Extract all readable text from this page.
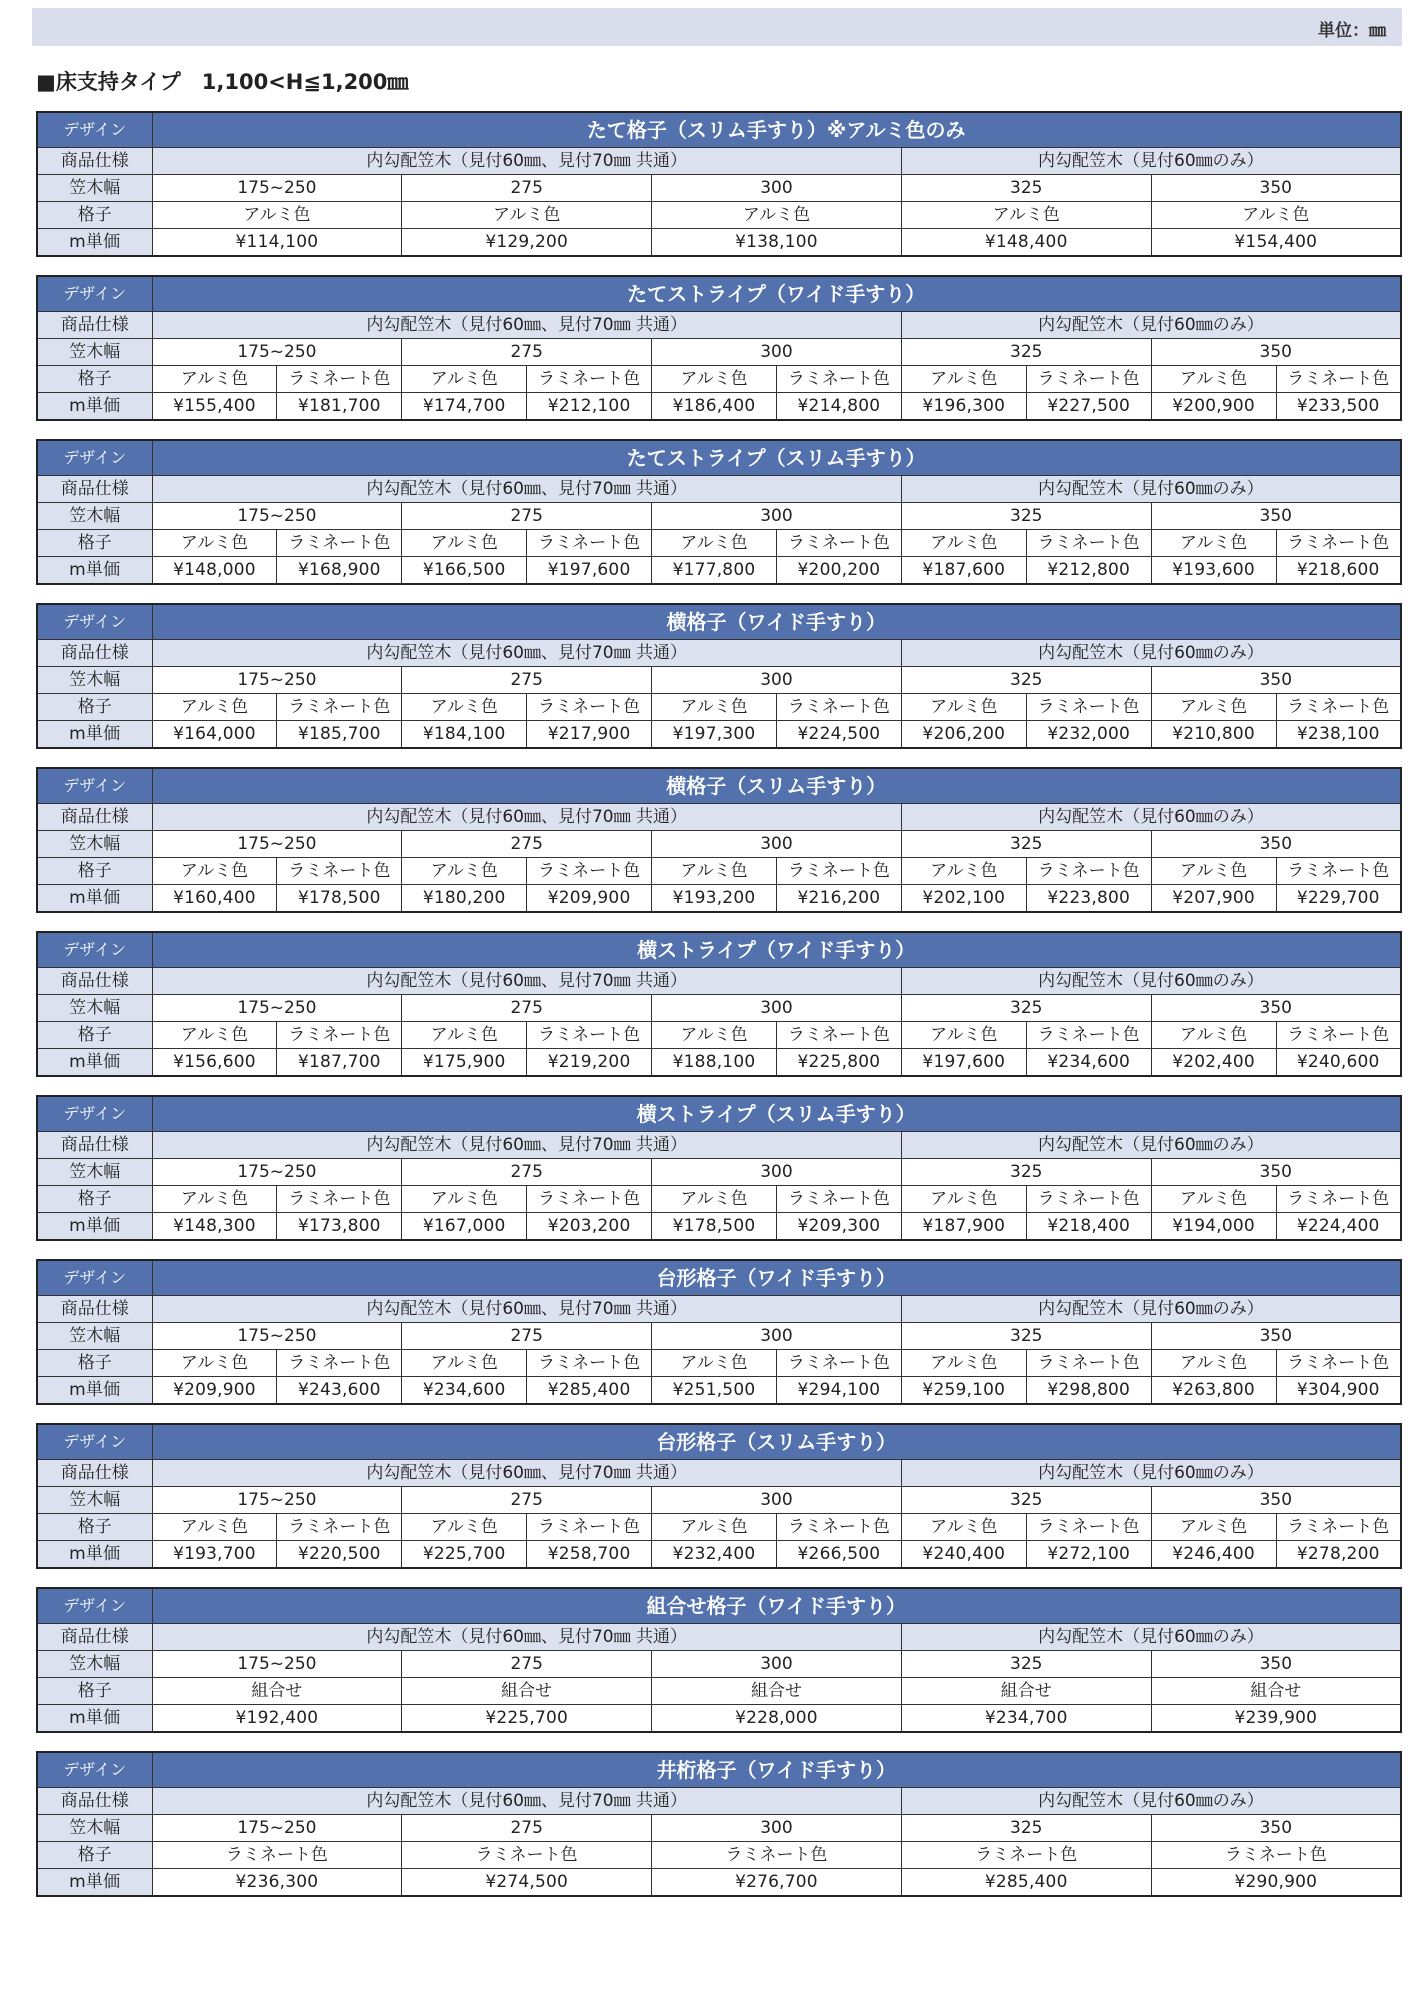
単位：㎜
■床支持タイプ　1,100<H≦1,200㎜
デザイン	たて格子（スリム手すり）※アルミ色のみ				
商品仕様	内勾配笠木（見付60㎜、見付70㎜ 共通）			内勾配笠木（見付60㎜のみ）	
笠木幅	175~250	275	300	325	350
格子	アルミ色	アルミ色	アルミ色	アルミ色	アルミ色
m単価	¥114,100	¥129,200	¥138,100	¥148,400	¥154,400
デザイン	たてストライプ（ワイド手すり）									
商品仕様	内勾配笠木（見付60㎜、見付70㎜ 共通）						内勾配笠木（見付60㎜のみ）			
笠木幅	175~250		275		300		325		350	
格子	アルミ色	ラミネート色	アルミ色	ラミネート色	アルミ色	ラミネート色	アルミ色	ラミネート色	アルミ色	ラミネート色
m単価	¥155,400	¥181,700	¥174,700	¥212,100	¥186,400	¥214,800	¥196,300	¥227,500	¥200,900	¥233,500
デザイン	たてストライプ（スリム手すり）									
商品仕様	内勾配笠木（見付60㎜、見付70㎜ 共通）						内勾配笠木（見付60㎜のみ）			
笠木幅	175~250		275		300		325		350	
格子	アルミ色	ラミネート色	アルミ色	ラミネート色	アルミ色	ラミネート色	アルミ色	ラミネート色	アルミ色	ラミネート色
m単価	¥148,000	¥168,900	¥166,500	¥197,600	¥177,800	¥200,200	¥187,600	¥212,800	¥193,600	¥218,600
デザイン	横格子（ワイド手すり）									
商品仕様	内勾配笠木（見付60㎜、見付70㎜ 共通）						内勾配笠木（見付60㎜のみ）			
笠木幅	175~250		275		300		325		350	
格子	アルミ色	ラミネート色	アルミ色	ラミネート色	アルミ色	ラミネート色	アルミ色	ラミネート色	アルミ色	ラミネート色
m単価	¥164,000	¥185,700	¥184,100	¥217,900	¥197,300	¥224,500	¥206,200	¥232,000	¥210,800	¥238,100
デザイン	横格子（スリム手すり）									
商品仕様	内勾配笠木（見付60㎜、見付70㎜ 共通）						内勾配笠木（見付60㎜のみ）			
笠木幅	175~250		275		300		325		350	
格子	アルミ色	ラミネート色	アルミ色	ラミネート色	アルミ色	ラミネート色	アルミ色	ラミネート色	アルミ色	ラミネート色
m単価	¥160,400	¥178,500	¥180,200	¥209,900	¥193,200	¥216,200	¥202,100	¥223,800	¥207,900	¥229,700
デザイン	横ストライプ（ワイド手すり）									
商品仕様	内勾配笠木（見付60㎜、見付70㎜ 共通）						内勾配笠木（見付60㎜のみ）			
笠木幅	175~250		275		300		325		350	
格子	アルミ色	ラミネート色	アルミ色	ラミネート色	アルミ色	ラミネート色	アルミ色	ラミネート色	アルミ色	ラミネート色
m単価	¥156,600	¥187,700	¥175,900	¥219,200	¥188,100	¥225,800	¥197,600	¥234,600	¥202,400	¥240,600
デザイン	横ストライプ（スリム手すり）									
商品仕様	内勾配笠木（見付60㎜、見付70㎜ 共通）						内勾配笠木（見付60㎜のみ）			
笠木幅	175~250		275		300		325		350	
格子	アルミ色	ラミネート色	アルミ色	ラミネート色	アルミ色	ラミネート色	アルミ色	ラミネート色	アルミ色	ラミネート色
m単価	¥148,300	¥173,800	¥167,000	¥203,200	¥178,500	¥209,300	¥187,900	¥218,400	¥194,000	¥224,400
デザイン	台形格子（ワイド手すり）									
商品仕様	内勾配笠木（見付60㎜、見付70㎜ 共通）						内勾配笠木（見付60㎜のみ）			
笠木幅	175~250		275		300		325		350	
格子	アルミ色	ラミネート色	アルミ色	ラミネート色	アルミ色	ラミネート色	アルミ色	ラミネート色	アルミ色	ラミネート色
m単価	¥209,900	¥243,600	¥234,600	¥285,400	¥251,500	¥294,100	¥259,100	¥298,800	¥263,800	¥304,900
デザイン	台形格子（スリム手すり）									
商品仕様	内勾配笠木（見付60㎜、見付70㎜ 共通）						内勾配笠木（見付60㎜のみ）			
笠木幅	175~250		275		300		325		350	
格子	アルミ色	ラミネート色	アルミ色	ラミネート色	アルミ色	ラミネート色	アルミ色	ラミネート色	アルミ色	ラミネート色
m単価	¥193,700	¥220,500	¥225,700	¥258,700	¥232,400	¥266,500	¥240,400	¥272,100	¥246,400	¥278,200
デザイン	組合せ格子（ワイド手すり）				
商品仕様	内勾配笠木（見付60㎜、見付70㎜ 共通）			内勾配笠木（見付60㎜のみ）	
笠木幅	175~250	275	300	325	350
格子	組合せ	組合せ	組合せ	組合せ	組合せ
m単価	¥192,400	¥225,700	¥228,000	¥234,700	¥239,900
デザイン	井桁格子（ワイド手すり）				
商品仕様	内勾配笠木（見付60㎜、見付70㎜ 共通）			内勾配笠木（見付60㎜のみ）	
笠木幅	175~250	275	300	325	350
格子	ラミネート色	ラミネート色	ラミネート色	ラミネート色	ラミネート色
m単価	¥236,300	¥274,500	¥276,700	¥285,400	¥290,900
